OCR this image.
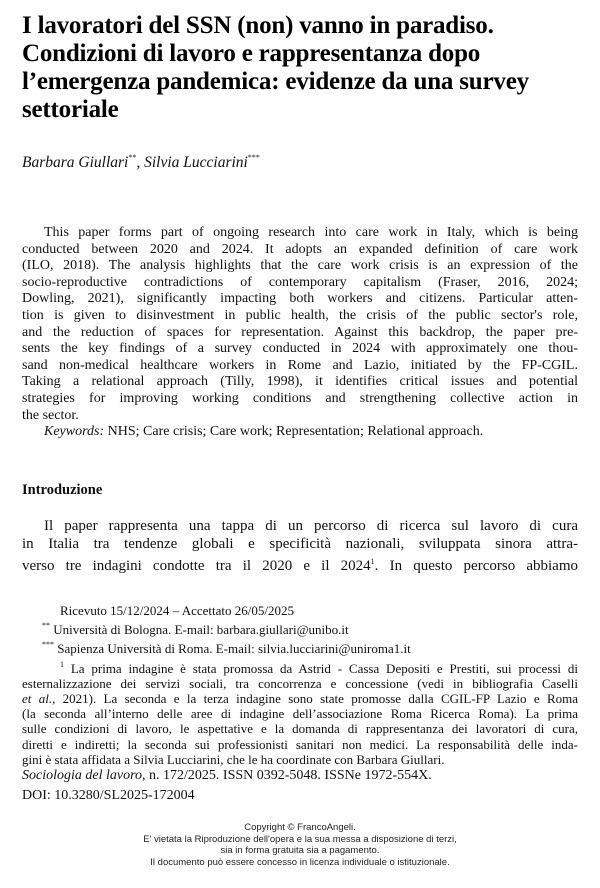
I lavoratori del SSN (non) vanno in paradiso.
Condizioni di lavoro e rappresentanza dopo
l’emergenza pandemica: evidenze da una survey
settoriale
Barbara Giullari**, Silvia Lucciarini***
This paper forms part of ongoing research into care work in Italy, which is being
conducted between 2020 and 2024. It adopts an expanded definition of care work
(ILO, 2018). The analysis highlights that the care work crisis is an expression of the
socio-reproductive contradictions of contemporary capitalism (Fraser, 2016, 2024;
Dowling, 2021), significantly impacting both workers and citizens. Particular atten-
tion is given to disinvestment in public health, the crisis of the public sector's role,
and the reduction of spaces for representation. Against this backdrop, the paper pre-
sents the key findings of a survey conducted in 2024 with approximately one thou-
sand non-medical healthcare workers in Rome and Lazio, initiated by the FP-CGIL.
Taking a relational approach (Tilly, 1998), it identifies critical issues and potential
strategies for improving working conditions and strengthening collective action in
the sector.
Keywords: NHS; Care crisis; Care work; Representation; Relational approach.
Introduzione
Il paper rappresenta una tappa di un percorso di ricerca sul lavoro di cura
in Italia tra tendenze globali e specificità nazionali, sviluppata sinora attra-
verso tre indagini condotte tra il 2020 e il 2024$^1$. In questo percorso abbiamo
Ricevuto 15/12/2024 – Accettato 26/05/2025
** Università di Bologna. E-mail: barbara.giullari@unibo.it
*** Sapienza Università di Roma. E-mail: silvia.lucciarini@uniroma1.it
$^1$ La prima indagine è stata promossa da Astrid - Cassa Depositi e Prestiti, sui processi di
esternalizzazione dei servizi sociali, tra concorrenza e concessione (vedi in bibliografia Caselli
et al., 2021). La seconda e la terza indagine sono state promosse dalla CGIL-FP Lazio e Roma
(la seconda all’interno delle aree di indagine dell’associazione Roma Ricerca Roma). La prima
sulle condizioni di lavoro, le aspettative e la domanda di rappresentanza dei lavoratori di cura,
diretti e indiretti; la seconda sui professionisti sanitari non medici. La responsabilità delle inda-
gini è stata affidata a Silvia Lucciarini, che le ha coordinate con Barbara Giullari.
Sociologia del lavoro, n. 172/2025. ISSN 0392-5048. ISSNe 1972-554X.
DOI: 10.3280/SL2025-172004
Copyright © FrancoAngeli.
E' vietata la Riproduzione dell'opera e la sua messa a disposizione di terzi,
sia in forma gratuita sia a pagamento.
Il documento può essere concesso in licenza individuale o istituzionale.
